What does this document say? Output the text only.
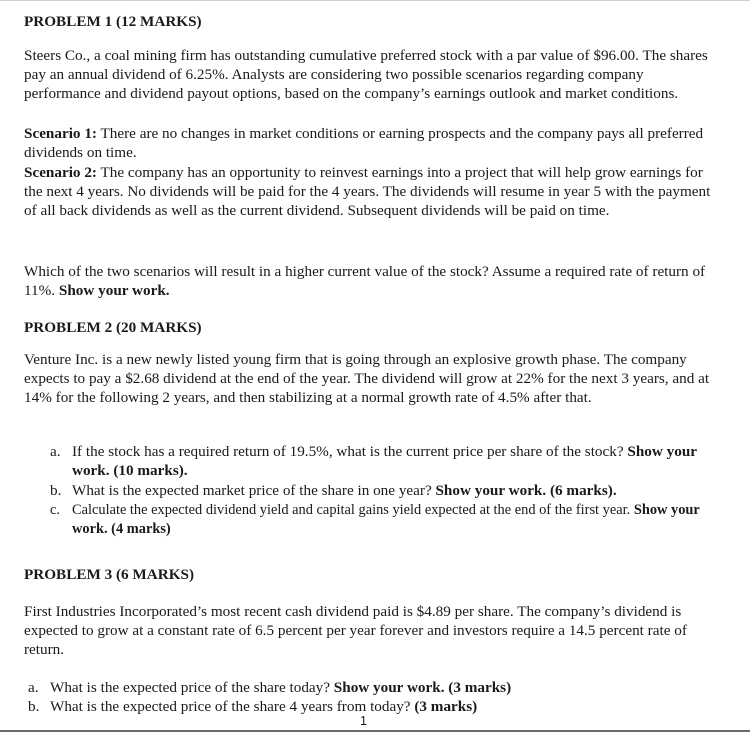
PROBLEM 1 (12 MARKS)

Steers Co., a coal mining firm has outstanding cumulative preferred stock with a par value of $96.00. The shares pay an annual dividend of 6.25%. Analysts are considering two possible scenarios regarding company performance and dividend payout options, based on the company’s earnings outlook and market conditions.

Scenario 1: There are no changes in market conditions or earning prospects and the company pays all preferred dividends on time.

Scenario 2: The company has an opportunity to reinvest earnings into a project that will help grow earnings for the next 4 years. No dividends will be paid for the 4 years. The dividends will resume in year 5 with the payment of all back dividends as well as the current dividend. Subsequent dividends will be paid on time.

Which of the two scenarios will result in a higher current value of the stock? Assume a required rate of return of 11%. Show your work.

PROBLEM 2 (20 MARKS)

Venture Inc. is a new newly listed young firm that is going through an explosive growth phase. The company expects to pay a $2.68 dividend at the end of the year. The dividend will grow at 22% for the next 3 years, and at 14% for the following 2 years, and then stabilizing at a normal growth rate of 4.5% after that.

a. If the stock has a required return of 19.5%, what is the current price per share of the stock? Show your work. (10 marks).
b. What is the expected market price of the share in one year? Show your work. (6 marks).
c. Calculate the expected dividend yield and capital gains yield expected at the end of the first year. Show your work. (4 marks)

PROBLEM 3 (6 MARKS)

First Industries Incorporated’s most recent cash dividend paid is $4.89 per share. The company’s dividend is expected to grow at a constant rate of 6.5 percent per year forever and investors require a 14.5 percent rate of return.

a. What is the expected price of the share today? Show your work. (3 marks)
b. What is the expected price of the share 4 years from today? (3 marks)
1
